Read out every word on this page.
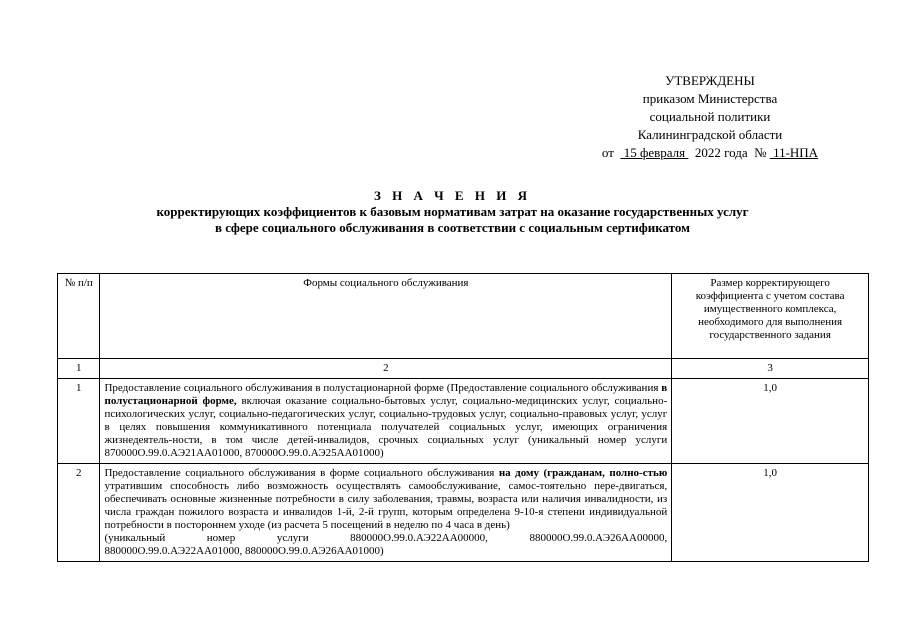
УТВЕРЖДЕНЫ
приказом Министерства
социальной политики
Калининградской области
от 15 февраля 2022 года № 11-НПА
З Н А Ч Е Н И Я
корректирующих коэффициентов к базовым нормативам затрат на оказание государственных услуг
в сфере социального обслуживания в соответствии с социальным сертификатом
№ п/п	Формы социального обслуживания	Размер корректирующего коэффициента с учетом состава имущественного комплекса, необходимого для выполнения государственного задания
1	2	3
1	Предоставление социального обслуживания в полустационарной форме (Предоставление социального обслуживания в полустационарной форме, включая оказание социально-бытовых услуг, социально-медицинских услуг, социально-психологических услуг, социально-педагогических услуг, социально-трудовых услуг, социально-правовых услуг, услуг в целях повышения коммуникативного потенциала получателей социальных услуг, имеющих ограничения жизнедеятель-ности, в том числе детей-инвалидов, срочных социальных услуг (уникальный номер услуги 870000О.99.0.АЭ21АА01000, 870000О.99.0.АЭ25АА01000)	1,0
2	Предоставление социального обслуживания в форме социального обслуживания на дому (гражданам, полно-стью утратившим способность либо возможность осуществлять самообслуживание, самос-тоятельно пере-двигаться, обеспечивать основные жизненные потребности в силу заболевания, травмы, возраста или наличия инвалидности, из числа граждан пожилого возраста и инвалидов 1-й, 2-й групп, которым определена 9-10-я степени индивидуальной потребности в постороннем уходе (из расчета 5 посещений в неделю по 4 часа в день)
(уникальный номер услуги 880000О.99.0.АЭ22АА00000, 880000О.99.0.АЭ26АА00000,
880000О.99.0.АЭ22АА01000, 880000О.99.0.АЭ26АА01000)	1,0
